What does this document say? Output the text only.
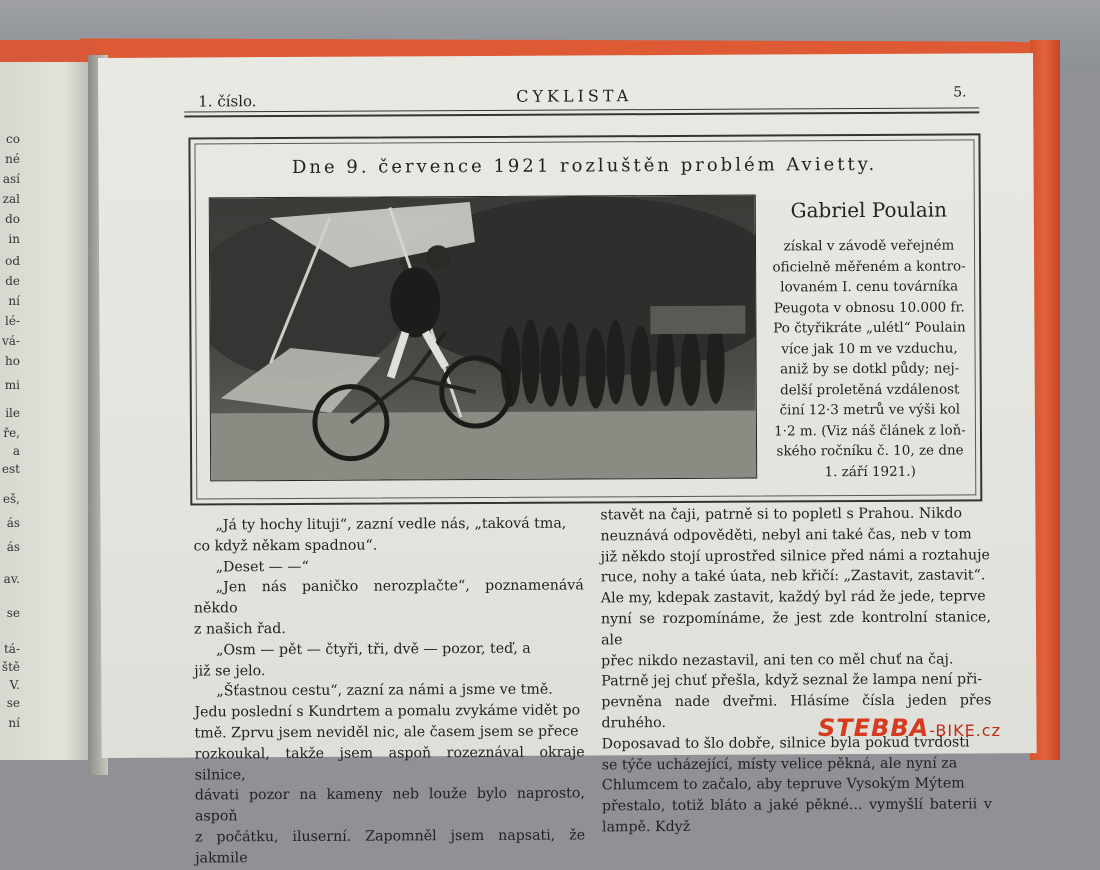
co
né
así
zal
do
in
od
de
ní
lé-
vá-
ho
mi
ile
ře,
a
est
eš,
ás
ás
av.
se
tá-
ště
V.
se
ní
1. číslo.	CYKLISTA	5.
Dne 9. července 1921 rozluštěn problém Avietty.
Gabriel Poulain
získal v závodě veřejném
oficielně měřeném a kontro-
lovaném I. cenu továrníka
Peugota v obnosu 10.000 fr.
Po čtyřikráte „ulétl“ Poulain
více jak 10 m ve vzduchu,
aniž by se dotkl půdy; nej-
delší proletěná vzdálenost
činí 12·3 metrů ve výši kol
1·2 m. (Viz náš článek z loň-
ského ročníku č. 10, ze dne
1. září 1921.)

„Já ty hochy lituji“, zazní vedle nás, „taková tma,

co když někam spadnou“.

„Deset — —“

„Jen nás paničko nerozplačte“, poznamenává někdo

z našich řad.

„Osm — pět — čtyři, tři, dvě — pozor, teď, a

již se jelo.

„Šťastnou cestu“, zazní za námi a jsme ve tmě.

Jedu poslední s Kundrtem a pomalu zvykáme vidět po

tmě. Zprvu jsem neviděl nic, ale časem jsem se přece

rozkoukal, takže jsem aspoň rozeznával okraje silnice,

dávati pozor na kameny neb louže bylo naprosto, aspoň

z počátku, iluserní. Zapomněl jsem napsati, že jakmile

stavět na čaji, patrně si to popletl s Prahou. Nikdo

neuznává odpověděti, nebyl ani také čas, neb v tom

již někdo stojí uprostřed silnice před námi a roztahuje

ruce, nohy a také úata, neb křičí: „Zastavit, zastavit“.

Ale my, kdepak zastavit, každý byl rád že jede, teprve

nyní se rozpomínáme, že jest zde kontrolní stanice, ale

přec nikdo nezastavil, ani ten co měl chuť na čaj.

Patrně jej chuť přešla, když seznal že lampa není při-

pevněna nade dveřmi. Hlásíme čísla jeden přes druhého.

Doposavad to šlo dobře, silnice byla pokud tvrdosti

se týče ucházející, místy velice pěkná, ale nyní za

Chlumcem to začalo, aby tepruve Vysokým Mýtem

přestalo, totiž bláto a jaké pěkné... vymyšlí baterii v lampě. Když

STEBBA-BIKE.cz
